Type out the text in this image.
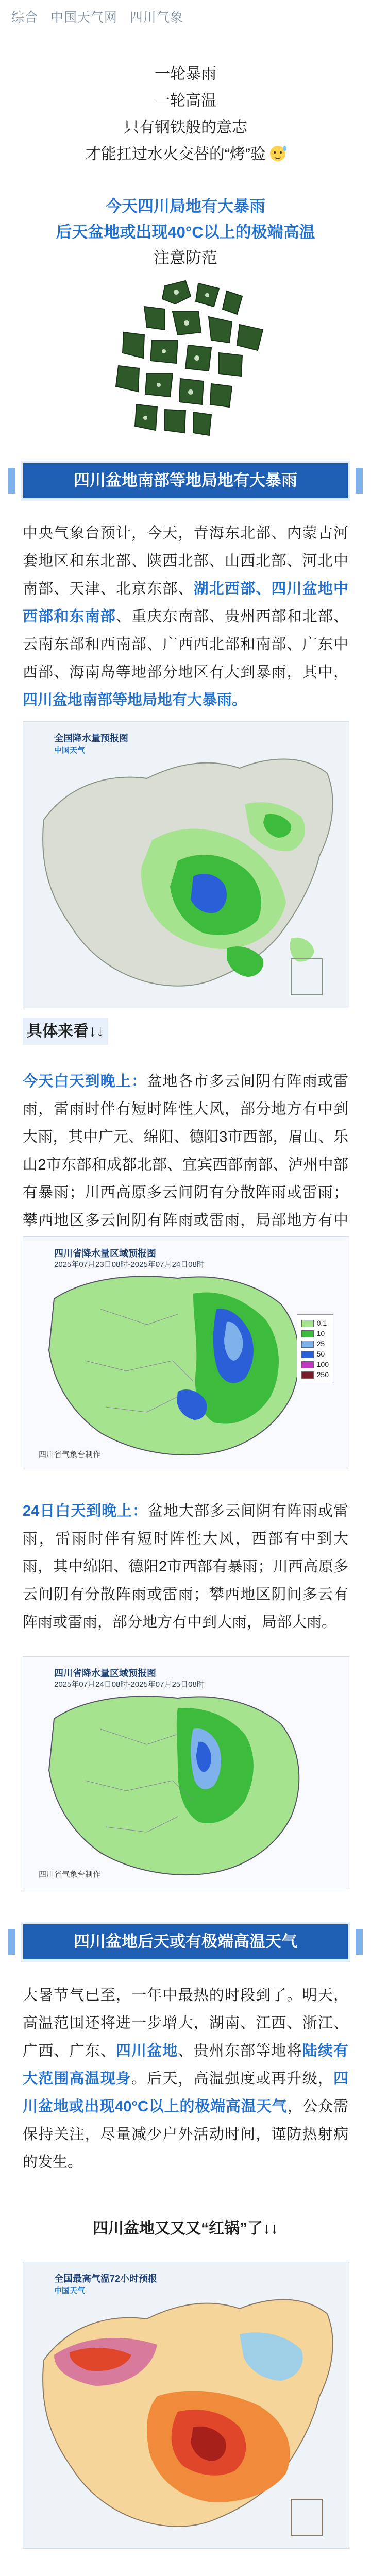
综合 中国天气网 四川气象
一轮暴雨
一轮高温
只有钢铁般的意志
才能扛过水火交替的“烤”验
今天四川局地有大暴雨
后天盆地或出现40°C以上的极端高温
注意防范
四川盆地南部等地局地有大暴雨
中央气象台预计，今天，青海东北部、内蒙古河套地区和东北部、陕西北部、山西北部、河北中南部、天津、北京东部、湖北西部、四川盆地中西部和东南部、重庆东南部、贵州西部和北部、云南东部和西南部、广西西北部和南部、广东中西部、海南岛等地部分地区有大到暴雨，其中，四川盆地南部等地局地有大暴雨。
全国降水量预报图
中国天气
具体来看↓↓
今天白天到晚上：盆地各市多云间阴有阵雨或雷雨，雷雨时伴有短时阵性大风，部分地方有中到大雨，其中广元、绵阳、德阳3市西部，眉山、乐山2市东部和成都北部、宜宾西部南部、泸州中部有暴雨；川西高原多云间阴有分散阵雨或雷雨；攀西地区多云间阴有阵雨或雷雨，局部地方有中
四川省降水量区域预报图
2025年07月23日08时-2025年07月24日08时
0.1
10
25
50
100
250
四川省气象台制作
24日白天到晚上：盆地大部多云间阴有阵雨或雷雨，雷雨时伴有短时阵性大风，西部有中到大雨，其中绵阳、德阳2市西部有暴雨；川西高原多云间阴有分散阵雨或雷雨；攀西地区阴间多云有阵雨或雷雨，部分地方有中到大雨，局部大雨。
四川省降水量区域预报图
2025年07月24日08时-2025年07月25日08时
四川省气象台制作
四川盆地后天或有极端高温天气
大暑节气已至，一年中最热的时段到了。明天，高温范围还将进一步增大，湖南、江西、浙江、广西、广东、四川盆地、贵州东部等地将陆续有大范围高温现身。后天，高温强度或再升级，四川盆地或出现40°C以上的极端高温天气，公众需保持关注，尽量减少户外活动时间，谨防热射病的发生。
四川盆地又又又“红锅”了↓↓
全国最高气温72小时预报
中国天气
